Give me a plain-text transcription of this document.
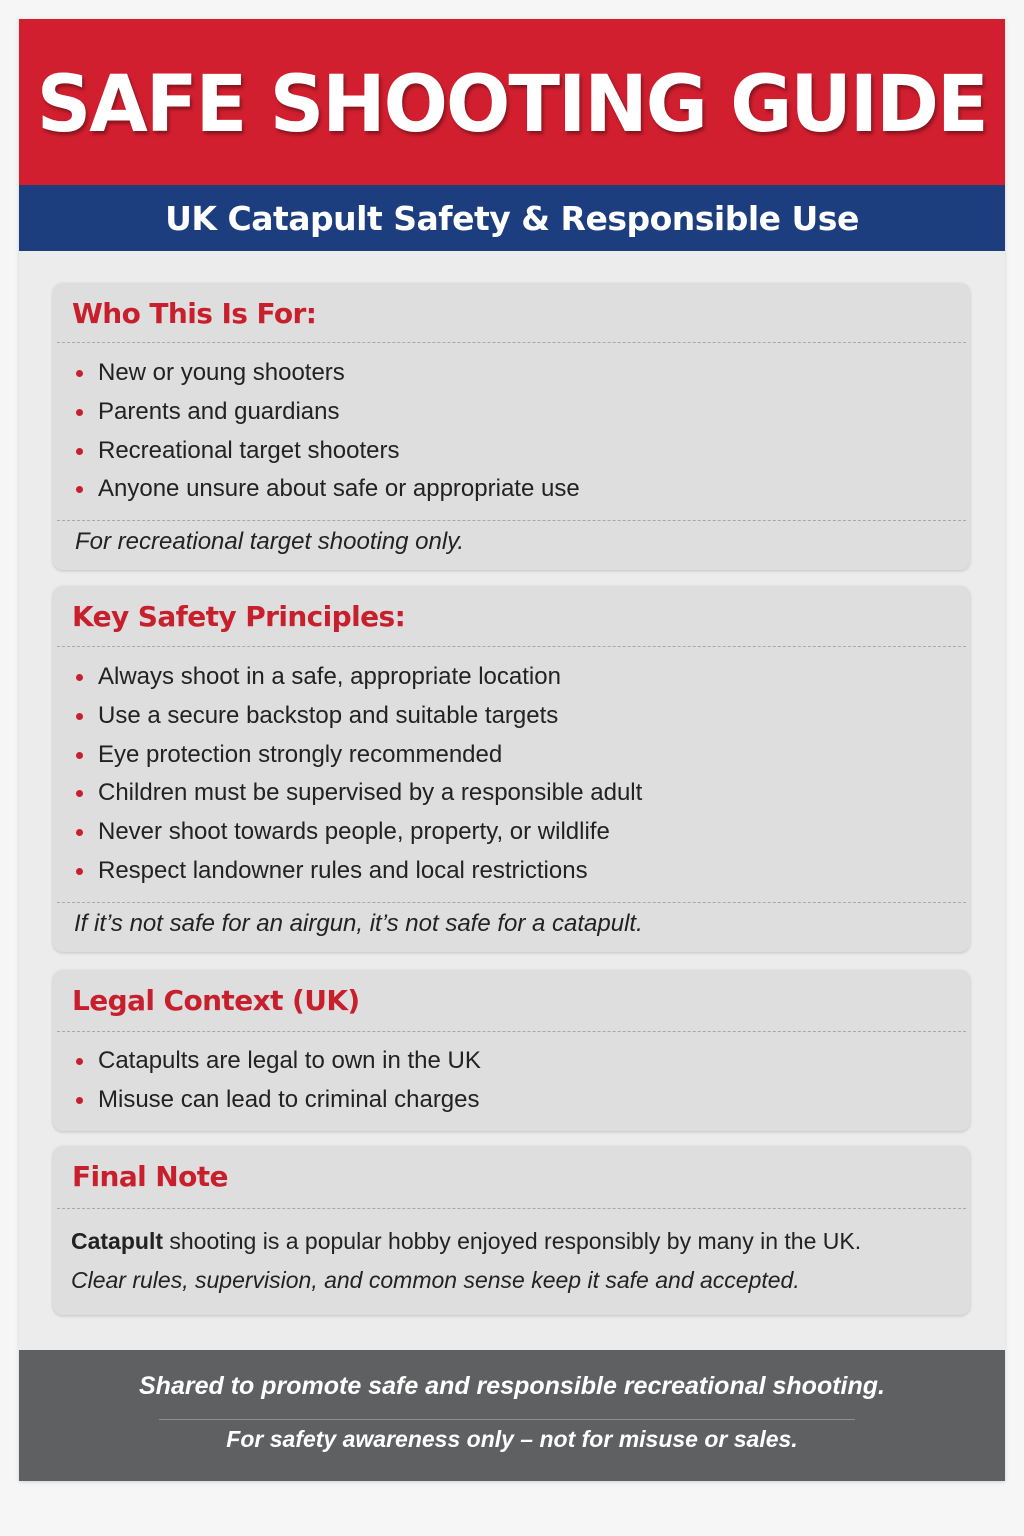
SAFE SHOOTING GUIDE
UK Catapult Safety & Responsible Use
Who This Is For:
New or young shooters
Parents and guardians
Recreational target shooters
Anyone unsure about safe or appropriate use
For recreational target shooting only.
Key Safety Principles:
Always shoot in a safe, appropriate location
Use a secure backstop and suitable targets
Eye protection strongly recommended
Children must be supervised by a responsible adult
Never shoot towards people, property, or wildlife
Respect landowner rules and local restrictions
If it’s not safe for an airgun, it’s not safe for a catapult.
Legal Context (UK)
Catapults are legal to own in the UK
Misuse can lead to criminal charges
Final Note
Catapult shooting is a popular hobby enjoyed responsibly by many in the UK.
Clear rules, supervision, and common sense keep it safe and accepted.
Shared to promote safe and responsible recreational shooting.
For safety awareness only – not for misuse or sales.
